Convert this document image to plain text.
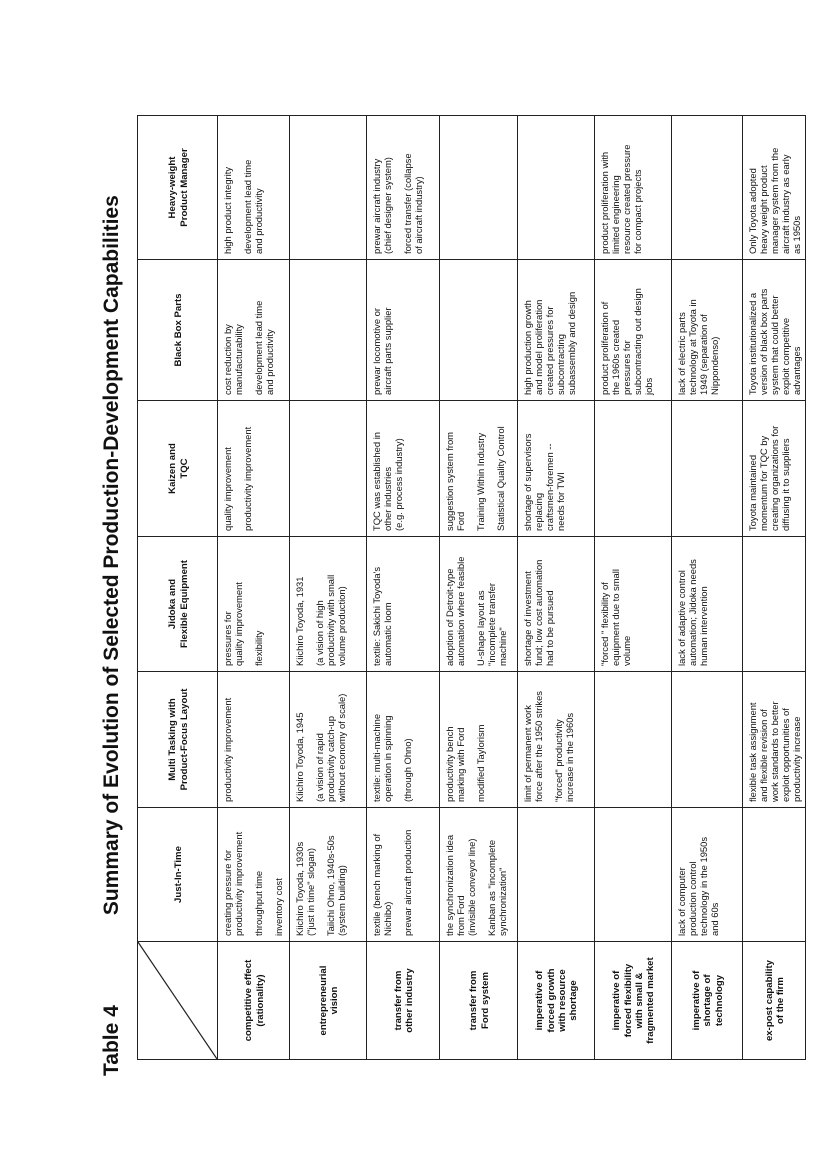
Table 4 Summary of Evolution of Selected Production-Development Capabilities
		Just-In-Time	Multi Tasking with
Product-Focus Layout	Jidoka and
Flexible Equipment	Kaizen and
TQC	Black Box Parts	Heavy-weight
Product Manager

competitive effect
(rationality)	creating pressure for
productivity improvement
throughput time inventory cost	productivity improvement	pressures for
quality improvement
flexibility	quality improvement productivity improvement	cost reduction by
manufacturability development lead time
and productivity	high product integrity development lead time
and productivity

entrepreneurial
vision	Kiichiro Toyoda, 1930s
("just in time" slogan)
Taiichi Ohno, 1940s-50s
(system building)	Kiichiro Toyoda, 1945 (a vision of rapid
productivity catch-up
without economy of scale)	Kiichiro Toyoda, 1931 (a vision of high
productivity with small
volume production)			

transfer from
other industry	textile (bench marking of
Nichibo) prewar aircraft production	textile: multi-machine
operation in spinning
(through Ohno)	textile: Sakichi Toyoda's
automatic loom	TQC was established in
other industries
(e.g. process industry)	prewar locomotive or
aircraft parts supplier	prewar aircraft industry
(chief designer system)
forced transfer (collapse
of aircraft industry)

transfer from
Ford system	the synchronization idea
from Ford
(invisible conveyor line)
Kanban as "incomplete
synchronization"	productivity bench
marking with Ford modified Taylorism	adoption of Detroit-type
automation where feasible
U-shape layout as
"incomplete transfer
machine"	suggestion system from
Ford Training Within Industry Statistical Quality Control		

imperative of
forced growth
with resource
shortage		limit of permanent work
force after the 1950 strikes
"forced" productivity
increase in the 1960s	shortage of investment
fund; low cost automation
had to be pursued	shortage of supervisors
replacing
craftsmen-foremen --
needs for TWI	high production growth
and model proliferation
created pressures for
subcontracting
subassembly and design	

imperative of
forced flexibility
with small &
fragmented market			"forced " flexibility of
equipment due to small
volume		product proliferation of
the 1960s created
pressures for
subcontracting out design
jobs	product proliferation with
limited engineering
resource created pressure
for compact projects

imperative of
shortage of
technology	lack of computer
production control
technology in the 1950s
and 60s		lack of adaptive control
automation; Jidoka needs
human intervention		lack of electric parts
technology at Toyota in
1949 (separation of
Nippondenso)	

ex-post capability
of the firm		flexible task assignment
and flexible revision of
work standards to better
exploit opportunities of
productivity increase		Toyota maintained
momentum for TQC by
creating organizations for
diffusing it to suppliers	Toyota institutionalized a
version of black box parts
system that could better
exploit competitive
advantages	Only Toyota adopted
heavy weight product
manager system from the
aircraft industry as early
as 1950s
